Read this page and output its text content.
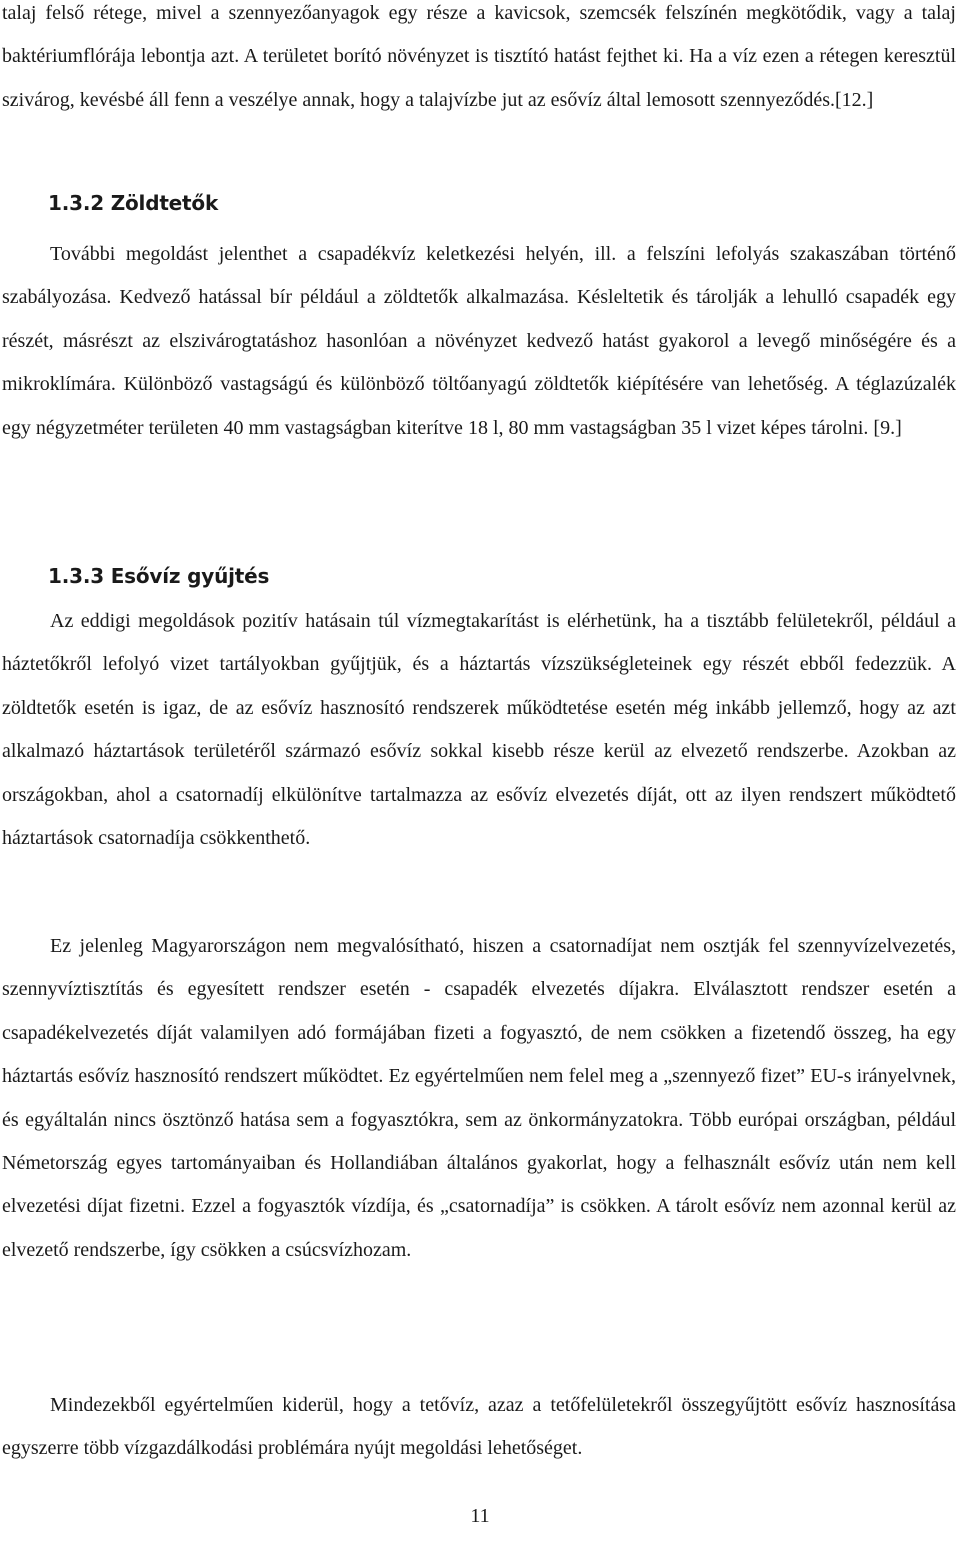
talaj felső rétege, mivel a szennyezőanyagok egy része a kavicsok, szemcsék felszínén megkötődik, vagy a talaj baktériumflórája lebontja azt. A területet borító növényzet is tisztító hatást fejthet ki. Ha a víz ezen a rétegen keresztül szivárog, kevésbé áll fenn a veszélye annak, hogy a talajvízbe jut az esővíz által lemosott szennyeződés.[12.]

1.3.2 Zöldtetők

További megoldást jelenthet a csapadékvíz keletkezési helyén, ill. a felszíni lefolyás szakaszában történő szabályozása. Kedvező hatással bír például a zöldtetők alkalmazása. Késleltetik és tárolják a lehulló csapadék egy részét, másrészt az elszivárogtatáshoz hasonlóan a növényzet kedvező hatást gyakorol a levegő minőségére és a mikroklímára. Különböző vastagságú és különböző töltőanyagú zöldtetők kiépítésére van lehetőség. A téglazúzalék egy négyzetméter területen 40 mm vastagságban kiterítve 18 l, 80 mm vastagságban 35 l vizet képes tárolni. [9.]

1.3.3 Esővíz gyűjtés

Az eddigi megoldások pozitív hatásain túl vízmegtakarítást is elérhetünk, ha a tisztább felületekről, például a háztetőkről lefolyó vizet tartályokban gyűjtjük, és a háztartás vízszükségleteinek egy részét ebből fedezzük. A zöldtetők esetén is igaz, de az esővíz hasznosító rendszerek működtetése esetén még inkább jellemző, hogy az azt alkalmazó háztartások területéről származó esővíz sokkal kisebb része kerül az elvezető rendszerbe. Azokban az országokban, ahol a csatornadíj elkülönítve tartalmazza az esővíz elvezetés díját, ott az ilyen rendszert működtető háztartások csatornadíja csökkenthető.

Ez jelenleg Magyarországon nem megvalósítható, hiszen a csatornadíjat nem osztják fel szennyvízelvezetés, szennyvíztisztítás és egyesített rendszer esetén - csapadék elvezetés díjakra. Elválasztott rendszer esetén a csapadékelvezetés díját valamilyen adó formájában fizeti a fogyasztó, de nem csökken a fizetendő összeg, ha egy háztartás esővíz hasznosító rendszert működtet. Ez egyértelműen nem felel meg a „szennyező fizet” EU-s irányelvnek, és egyáltalán nincs ösztönző hatása sem a fogyasztókra, sem az önkormányzatokra. Több európai országban, például Németország egyes tartományaiban és Hollandiában általános gyakorlat, hogy a felhasznált esővíz után nem kell elvezetési díjat fizetni. Ezzel a fogyasztók vízdíja, és „csatornadíja” is csökken. A tárolt esővíz nem azonnal kerül az elvezető rendszerbe, így csökken a csúcsvízhozam.

Mindezekből egyértelműen kiderül, hogy a tetővíz, azaz a tetőfelületekről összegyűjtött esővíz hasznosítása egyszerre több vízgazdálkodási problémára nyújt megoldási lehetőséget.

11
